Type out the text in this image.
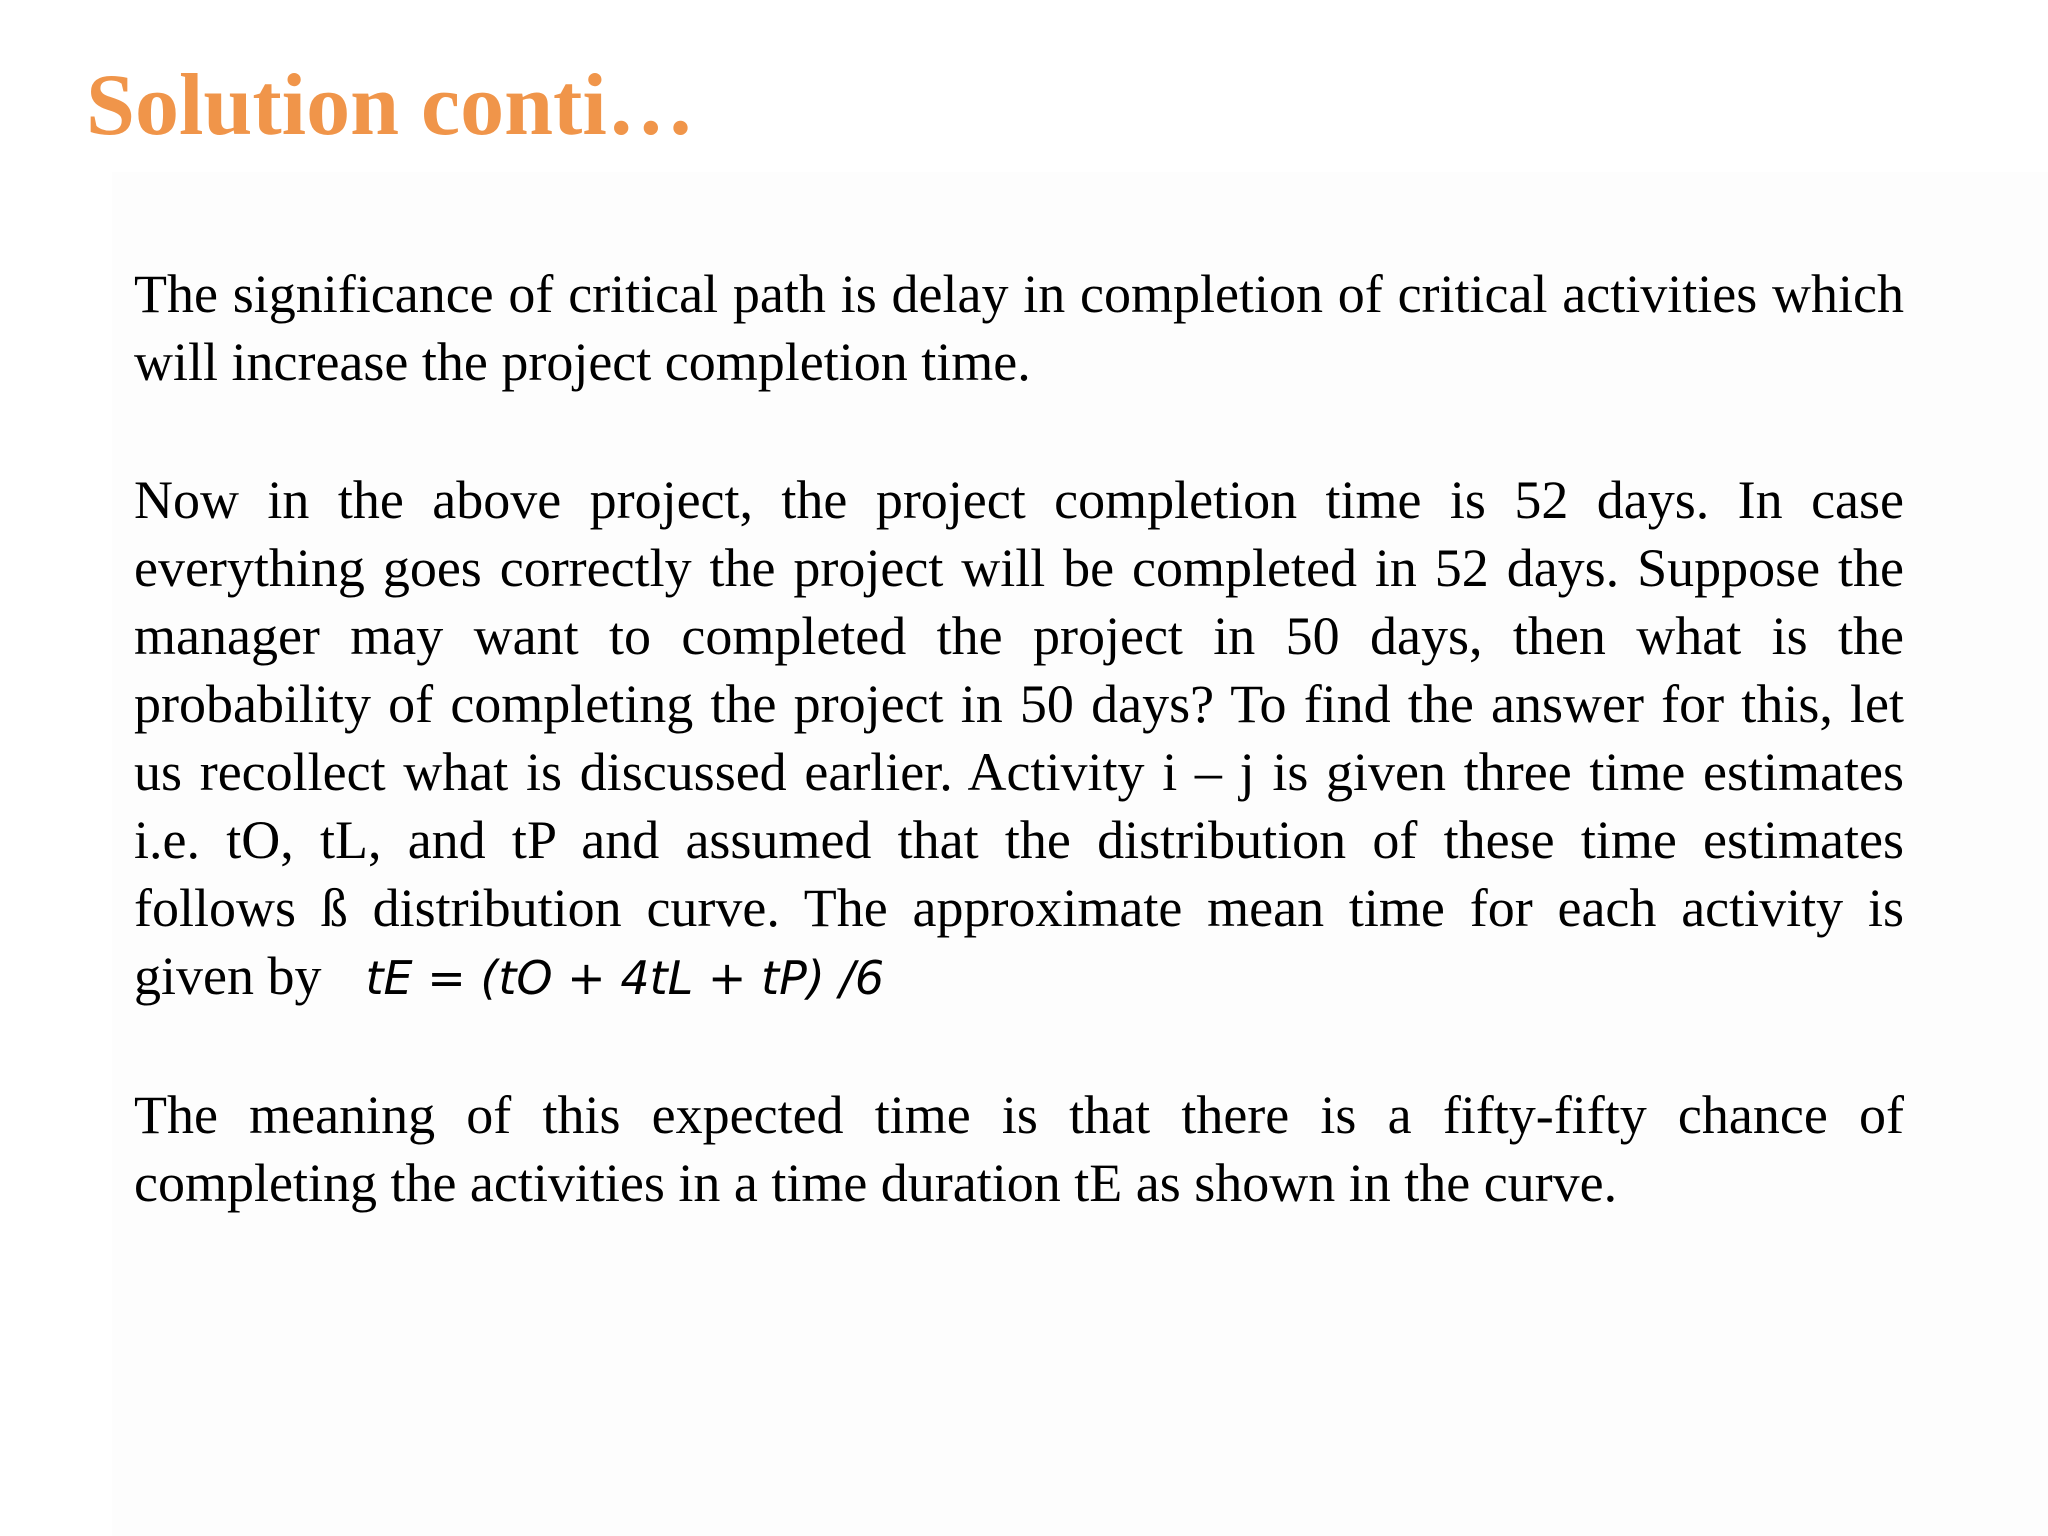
Solution conti…

The significance of critical path is delay in completion of critical activities which will increase the project completion time.

Now in the above project, the project completion time is 52 days. In case everything goes correctly the project will be completed in 52 days. Suppose the manager may want to completed the project in 50 days, then what is the probability of completing the project in 50 days? To find the answer for this, let us recollect what is discussed earlier. Activity i – j is given three time estimates i.e. tO, tL, and tP and assumed that the distribution of these time estimates follows ß distribution curve. The approximate mean time for each activity is given by tE = (tO + 4tL + tP) /6

The meaning of this expected time is that there is a fifty-fifty chance of completing the activities in a time duration tE as shown in the curve.
